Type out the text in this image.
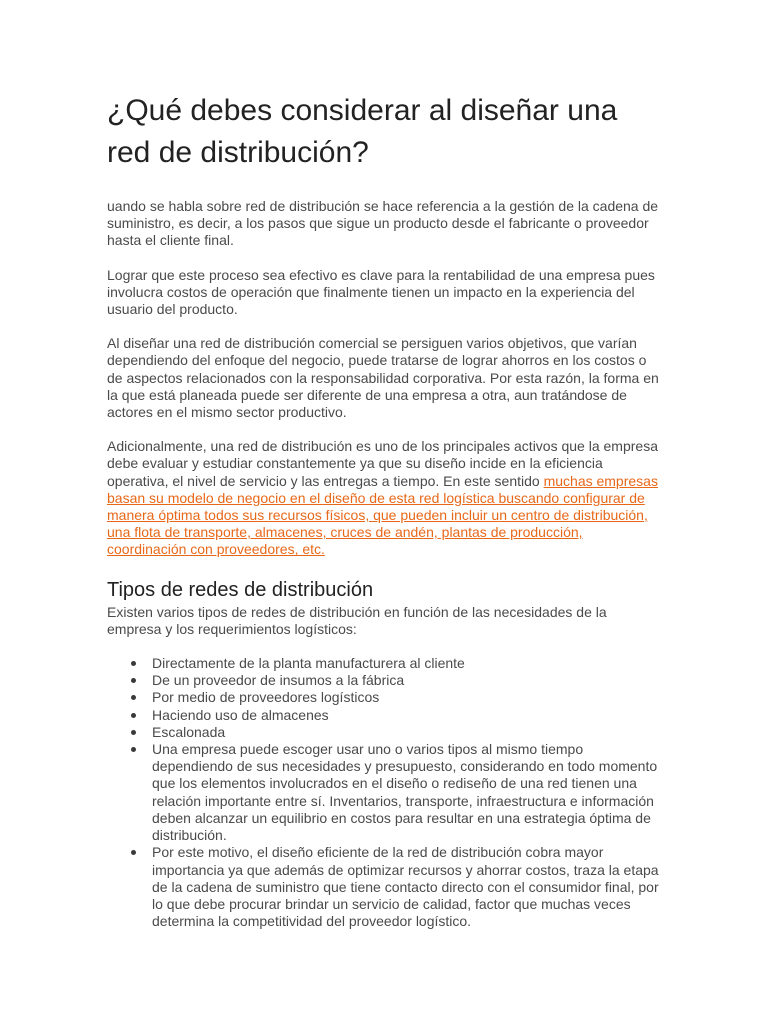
¿Qué debes considerar al diseñar una red de distribución?

uando se habla sobre red de distribución se hace referencia a la gestión de la cadena de suministro, es decir, a los pasos que sigue un producto desde el fabricante o proveedor hasta el cliente final.

Lograr que este proceso sea efectivo es clave para la rentabilidad de una empresa pues involucra costos de operación que finalmente tienen un impacto en la experiencia del usuario del producto.

Al diseñar una red de distribución comercial se persiguen varios objetivos, que varían dependiendo del enfoque del negocio, puede tratarse de lograr ahorros en los costos o de aspectos relacionados con la responsabilidad corporativa. Por esta razón, la forma en la que está planeada puede ser diferente de una empresa a otra, aun tratándose de actores en el mismo sector productivo.

Adicionalmente, una red de distribución es uno de los principales activos que la empresa debe evaluar y estudiar constantemente ya que su diseño incide en la eficiencia operativa, el nivel de servicio y las entregas a tiempo. En este sentido muchas empresas basan su modelo de negocio en el diseño de esta red logística buscando configurar de manera óptima todos sus recursos físicos, que pueden incluir un centro de distribución, una flota de transporte, almacenes, cruces de andén, plantas de producción, coordinación con proveedores, etc.

Tipos de redes de distribución

Existen varios tipos de redes de distribución en función de las necesidades de la empresa y los requerimientos logísticos:

Directamente de la planta manufacturera al cliente
De un proveedor de insumos a la fábrica
Por medio de proveedores logísticos
Haciendo uso de almacenes
Escalonada
Una empresa puede escoger usar uno o varios tipos al mismo tiempo dependiendo de sus necesidades y presupuesto, considerando en todo momento que los elementos involucrados en el diseño o rediseño de una red tienen una relación importante entre sí. Inventarios, transporte, infraestructura e información deben alcanzar un equilibrio en costos para resultar en una estrategia óptima de distribución.
Por este motivo, el diseño eficiente de la red de distribución cobra mayor importancia ya que además de optimizar recursos y ahorrar costos, traza la etapa de la cadena de suministro que tiene contacto directo con el consumidor final, por lo que debe procurar brindar un servicio de calidad, factor que muchas veces determina la competitividad del proveedor logístico.
